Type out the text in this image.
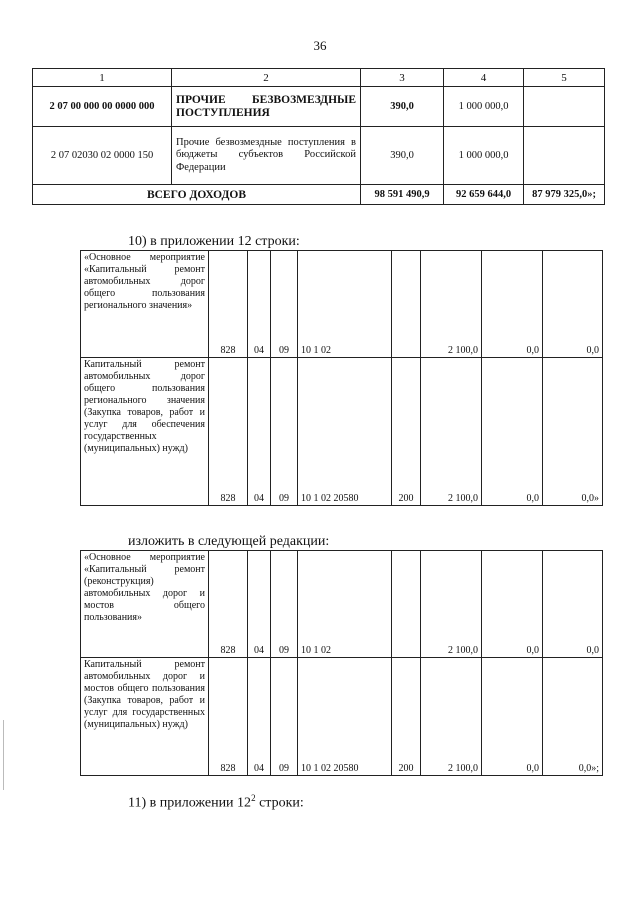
36
1	2	3	4	5
2 07 00 000 00 0000 000	ПРОЧИЕ БЕЗВОЗМЕЗДНЫЕ ПОСТУПЛЕНИЯ	390,0	1 000 000,0	
2 07 02030 02 0000 150	Прочие безвозмездные поступления в бюджеты субъектов Российской Федерации	390,0	1 000 000,0	
ВСЕГО ДОХОДОВ		98 591 490,9	92 659 644,0	87 979 325,0»;
10) в приложении 12 строки:
«Основное мероприятие «Капитальный ремонт автомобильных дорог общего пользования регионального значения»	828	04	09	10 1 02		2 100,0	0,0	0,0
Капитальный ремонт автомобильных дорог общего пользования регионального значения (Закупка товаров, работ и услуг для обеспечения государственных (муниципальных) нужд)	828	04	09	10 1 02 20580	200	2 100,0	0,0	0,0»
изложить в следующей редакции:
«Основное мероприятие «Капитальный ремонт (реконструкция) автомобильных дорог и мостов общего пользования»	828	04	09	10 1 02		2 100,0	0,0	0,0
Капитальный ремонт автомобильных дорог и мостов общего пользования (Закупка товаров, работ и услуг для государственных (муниципальных) нужд)	828	04	09	10 1 02 20580	200	2 100,0	0,0	0,0»;
11) в приложении $12^2$ строки:
